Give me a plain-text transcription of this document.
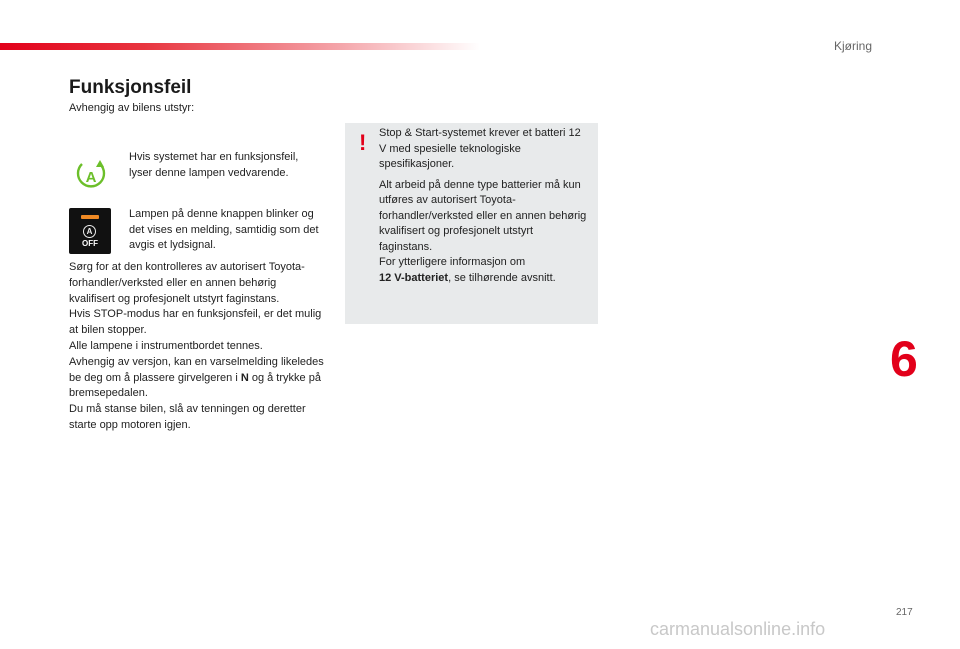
Kjøring
Funksjonsfeil
Avhengig av bilens utstyr:
A
Hvis systemet har en funksjonsfeil, lyser denne lampen vedvarende.
A
OFF
Lampen på denne knappen blinker og det vises en melding, samtidig som det avgis et lydsignal.

Sørg for at den kontrolleres av autorisert Toyota-forhandler/verksted eller en annen behørig kvalifisert og profesjonelt utstyrt faginstans.

Hvis STOP-modus har en funksjonsfeil, er det mulig at bilen stopper.

Alle lampene i instrumentbordet tennes.

Avhengig av versjon, kan en varselmelding likeledes be deg om å plassere girvelgeren i N og å trykke på bremsepedalen.

Du må stanse bilen, slå av tenningen og deretter starte opp motoren igjen.

! Stop & Start-systemet krever et batteri 12 V med spesielle teknologiske spesifikasjoner.

Alt arbeid på denne type batterier må kun utføres av autorisert Toyota-forhandler/verksted eller en annen behørig kvalifisert og profesjonelt utstyrt faginstans.
For ytterligere informasjon om
12 V-batteriet, se tilhørende avsnitt.

6
217
carmanualsonline.info
